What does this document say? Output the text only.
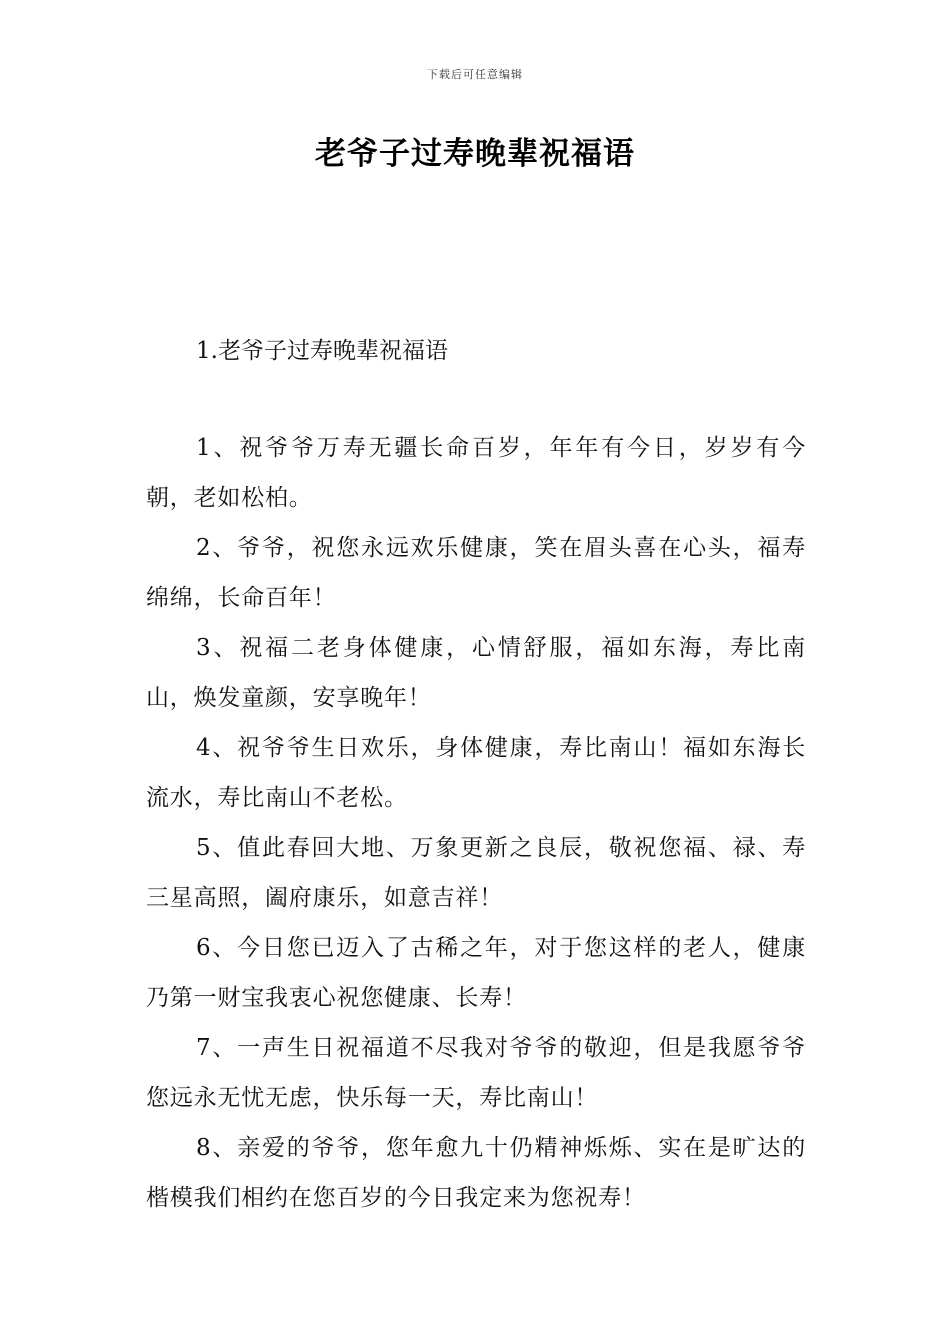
下载后可任意编辑
老爷子过寿晚辈祝福语
1.老爷子过寿晚辈祝福语

1、祝爷爷万寿无疆长命百岁，年年有今日，岁岁有今朝，老如松柏。

2、爷爷，祝您永远欢乐健康，笑在眉头喜在心头，福寿绵绵，长命百年！

3、祝福二老身体健康，心情舒服，福如东海，寿比南山，焕发童颜，安享晚年！

4、祝爷爷生日欢乐，身体健康，寿比南山！福如东海长流水，寿比南山不老松。

5、值此春回大地、万象更新之良辰，敬祝您福、禄、寿三星高照，阖府康乐，如意吉祥！

6、今日您已迈入了古稀之年，对于您这样的老人，健康乃第一财宝我衷心祝您健康、长寿！

7、一声生日祝福道不尽我对爷爷的敬迎，但是我愿爷爷您远永无忧无虑，快乐每一天，寿比南山！

8、亲爱的爷爷，您年愈九十仍精神烁烁、实在是旷达的楷模我们相约在您百岁的今日我定来为您祝寿！
